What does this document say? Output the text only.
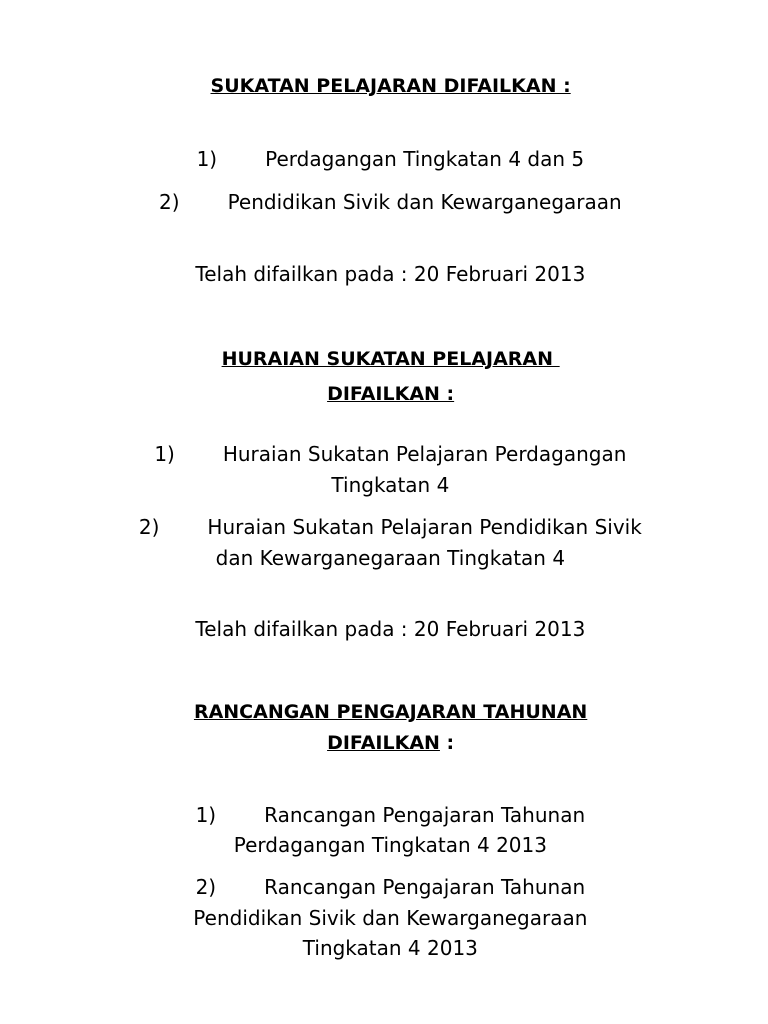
SUKATAN PELAJARAN DIFAILKAN :

1) Perdagangan Tingkatan 4 dan 5

2) Pendidikan Sivik dan Kewarganegaraan

Telah difailkan pada : 20 Februari 2013

HURAIAN SUKATAN PELAJARAN

DIFAILKAN :

1) Huraian Sukatan Pelajaran Perdagangan

Tingkatan 4

2) Huraian Sukatan Pelajaran Pendidikan Sivik

dan Kewarganegaraan Tingkatan 4

Telah difailkan pada : 20 Februari 2013

RANCANGAN PENGAJARAN TAHUNAN

DIFAILKAN :

1) Rancangan Pengajaran Tahunan

Perdagangan Tingkatan 4 2013

2) Rancangan Pengajaran Tahunan

Pendidikan Sivik dan Kewarganegaraan

Tingkatan 4 2013
